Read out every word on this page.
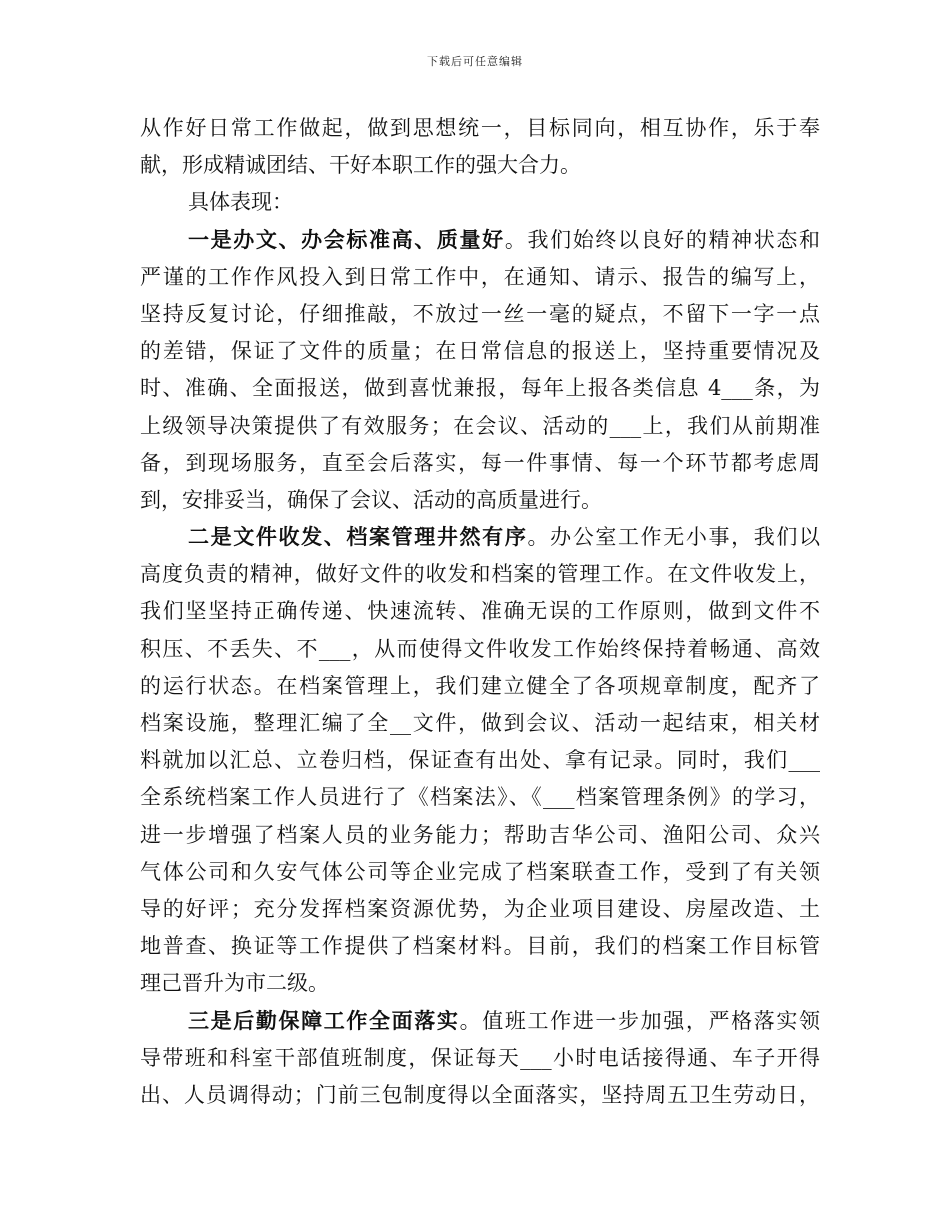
下载后可任意编辑
从作好日常工作做起，做到思想统一，目标同向，相互协作，乐于奉
献，形成精诚团结、干好本职工作的强大合力。
具体表现：
一是办文、办会标准高、质量好。我们始终以良好的精神状态和
严谨的工作作风投入到日常工作中，在通知、请示、报告的编写上，
坚持反复讨论，仔细推敲，不放过一丝一毫的疑点，不留下一字一点
的差错，保证了文件的质量；在日常信息的报送上，坚持重要情况及
时、准确、全面报送，做到喜忧兼报，每年上报各类信息 4___条，为
上级领导决策提供了有效服务；在会议、活动的___上，我们从前期准
备，到现场服务，直至会后落实，每一件事情、每一个环节都考虑周
到，安排妥当，确保了会议、活动的高质量进行。
二是文件收发、档案管理井然有序。办公室工作无小事，我们以
高度负责的精神，做好文件的收发和档案的管理工作。在文件收发上，
我们坚坚持正确传递、快速流转、准确无误的工作原则，做到文件不
积压、不丢失、不___，从而使得文件收发工作始终保持着畅通、高效
的运行状态。在档案管理上，我们建立健全了各项规章制度，配齐了
档案设施，整理汇编了全__文件，做到会议、活动一起结束，相关材
料就加以汇总、立卷归档，保证查有出处、拿有记录。同时，我们___
全系统档案工作人员进行了《档案法》、《___档案管理条例》的学习，
进一步增强了档案人员的业务能力；帮助吉华公司、渔阳公司、众兴
气体公司和久安气体公司等企业完成了档案联查工作，受到了有关领
导的好评；充分发挥档案资源优势，为企业项目建设、房屋改造、土
地普查、换证等工作提供了档案材料。目前，我们的档案工作目标管
理己晋升为市二级。
三是后勤保障工作全面落实。值班工作进一步加强，严格落实领
导带班和科室干部值班制度，保证每天___小时电话接得通、车子开得
出、人员调得动；门前三包制度得以全面落实，坚持周五卫生劳动日，
